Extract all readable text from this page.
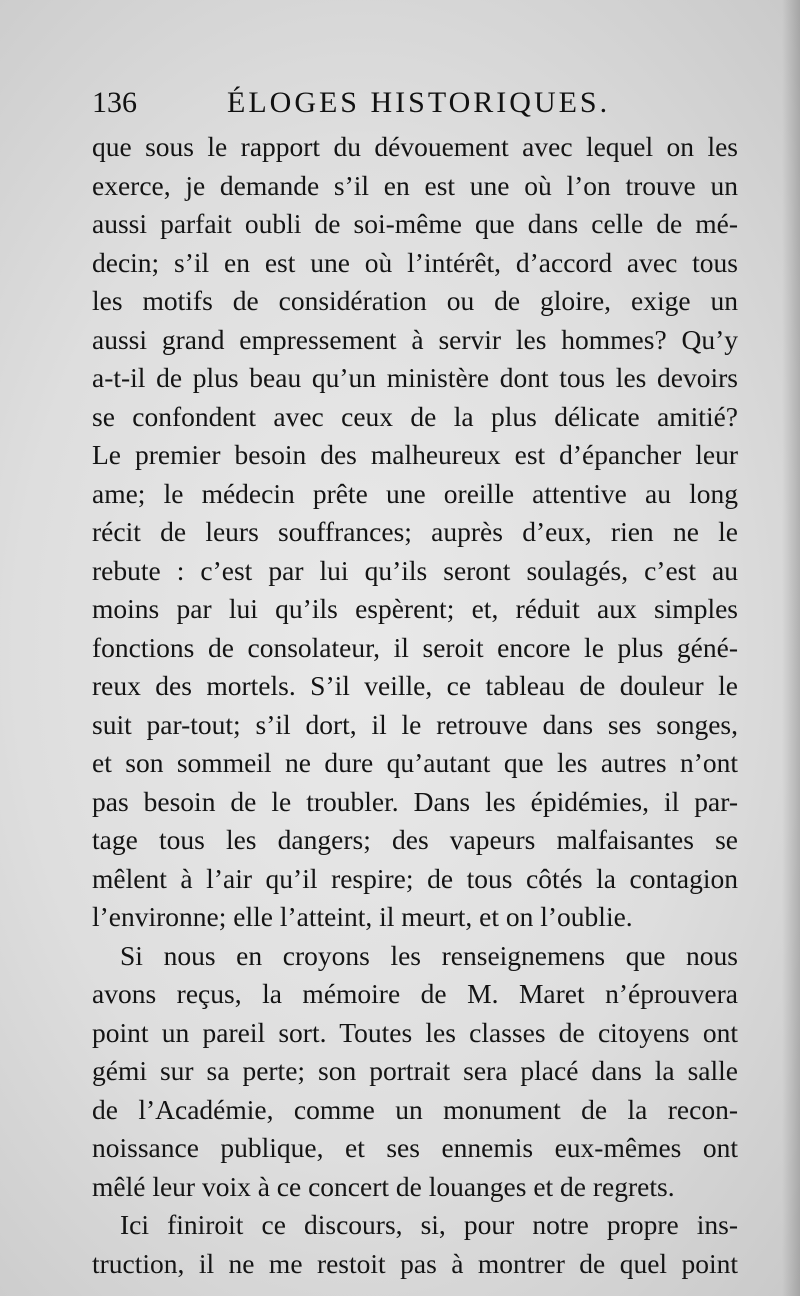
136	ÉLOGES HISTORIQUES.
que sous le rapport du dévouement avec lequel on les
exerce, je demande s’il en est une où l’on trouve un
aussi parfait oubli de soi-même que dans celle de mé-
decin; s’il en est une où l’intérêt, d’accord avec tous
les motifs de considération ou de gloire, exige un
aussi grand empressement à servir les hommes? Qu’y
a-t-il de plus beau qu’un ministère dont tous les devoirs
se confondent avec ceux de la plus délicate amitié?
Le premier besoin des malheureux est d’épancher leur
ame; le médecin prête une oreille attentive au long
récit de leurs souffrances; auprès d’eux, rien ne le
rebute : c’est par lui qu’ils seront soulagés, c’est au
moins par lui qu’ils espèrent; et, réduit aux simples
fonctions de consolateur, il seroit encore le plus géné-
reux des mortels. S’il veille, ce tableau de douleur le
suit par-tout; s’il dort, il le retrouve dans ses songes,
et son sommeil ne dure qu’autant que les autres n’ont
pas besoin de le troubler. Dans les épidémies, il par-
tage tous les dangers; des vapeurs malfaisantes se
mêlent à l’air qu’il respire; de tous côtés la contagion
l’environne; elle l’atteint, il meurt, et on l’oublie.
Si nous en croyons les renseignemens que nous
avons reçus, la mémoire de M. Maret n’éprouvera
point un pareil sort. Toutes les classes de citoyens ont
gémi sur sa perte; son portrait sera placé dans la salle
de l’Académie, comme un monument de la recon-
noissance publique, et ses ennemis eux-mêmes ont
mêlé leur voix à ce concert de louanges et de regrets.
Ici finiroit ce discours, si, pour notre propre ins-
truction, il ne me restoit pas à montrer de quel point
